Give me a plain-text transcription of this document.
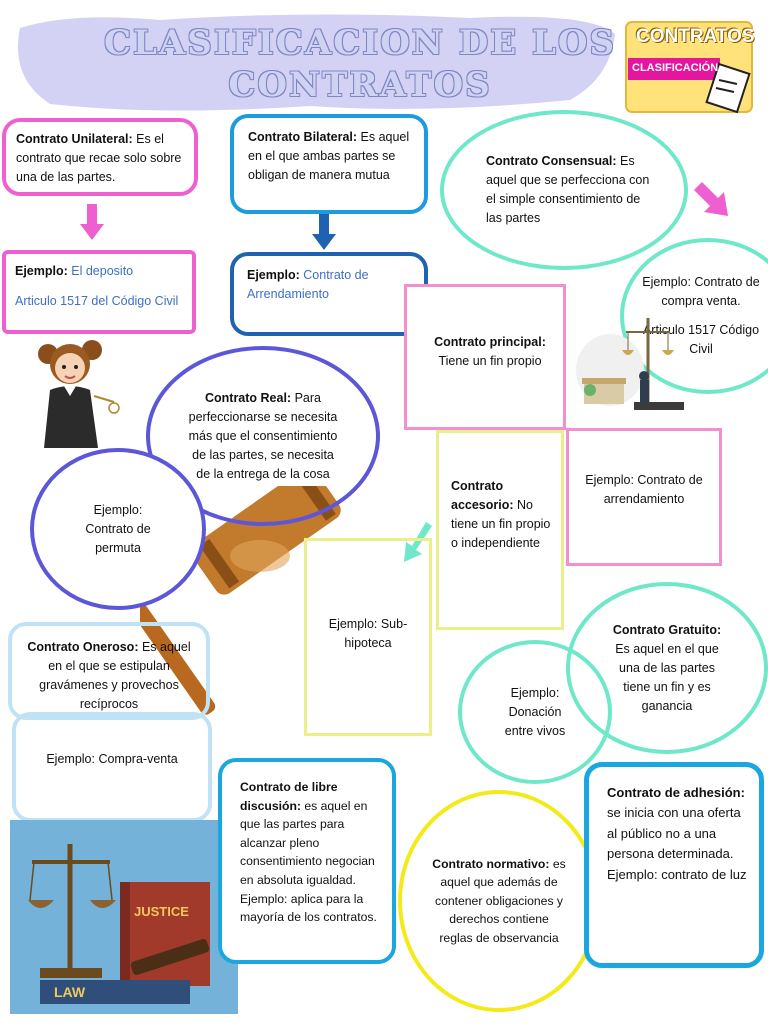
CLASIFICACION DE LOS
CONTRATOS
CONTRATOS
CLASIFICACIÓN
Contrato Unilateral: Es el contrato que recae solo sobre una de las partes.
Ejemplo: El deposito
Articulo 1517 del Código Civil
Contrato Bilateral: Es aquel en el que ambas partes se obligan de manera mutua
Ejemplo: Contrato de Arrendamiento
Contrato Consensual: Es aquel que se perfecciona con el simple consentimiento de las partes
Ejemplo: Contrato de compra venta.
Articulo 1517 Código Civil
Contrato principal:
Tiene un fin propio
Ejemplo: Contrato de arrendamiento
Contrato Real: Para perfeccionarse se necesita más que el consentimiento de las partes, se necesita de la entrega de la cosa
Ejemplo: Contrato de permuta
Contrato accesorio: No tiene un fin propio o independiente
Ejemplo: Sub-hipoteca
Contrato Oneroso: Es aquel en el que se estipulan gravámenes y provechos recíprocos
Ejemplo: Compra-venta
Contrato Gratuito: Es aquel en el que una de las partes tiene un fin y es ganancia
Ejemplo: Donación entre vivos
JUSTICE
LAW
Contrato de libre discusión: es aquel en que las partes para alcanzar pleno consentimiento negocian en absoluta igualdad. Ejemplo: aplica para la mayoría de los contratos.
Contrato normativo: es aquel que además de contener obligaciones y derechos contiene reglas de observancia
Contrato de adhesión: se inicia con una oferta al público no a una persona determinada.
Ejemplo: contrato de luz
